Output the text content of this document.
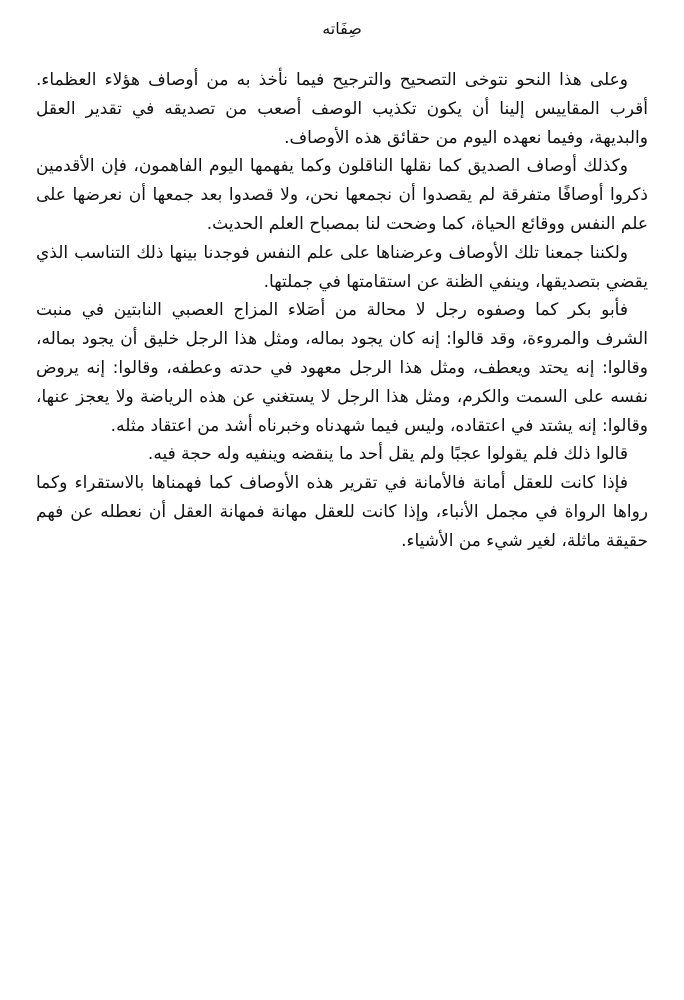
صِفَاته

وعلى هذا النحو نتوخى التصحيح والترجيح فيما نأخذ به من أوصاف هؤلاء العظماء. أقرب المقاييس إلينا أن يكون تكذيب الوصف أصعب من تصديقه في تقدير العقل والبديهة، وفيما نعهده اليوم من حقائق هذه الأوصاف.

وكذلك أوصاف الصديق كما نقلها الناقلون وكما يفهمها اليوم الفاهمون، فإن الأقدمين ذكروا أوصافًا متفرقة لم يقصدوا أن نجمعها نحن، ولا قصدوا بعد جمعها أن نعرضها على علم النفس ووقائع الحياة، كما وضحت لنا بمصباح العلم الحديث.

ولكننا جمعنا تلك الأوصاف وعرضناها على علم النفس فوجدنا بينها ذلك التناسب الذي يقضي بتصديقها، وينفي الظنة عن استقامتها في جملتها.

فأبو بكر كما وصفوه رجل لا محالة من أصَلاء المزاج العصبي النابتين في منبت الشرف والمروءة، وقد قالوا: إنه كان يجود بماله، ومثل هذا الرجل خليق أن يجود بماله، وقالوا: إنه يحتد ويعطف، ومثل هذا الرجل معهود في حدته وعطفه، وقالوا: إنه يروض نفسه على السمت والكرم، ومثل هذا الرجل لا يستغني عن هذه الرياضة ولا يعجز عنها، وقالوا: إنه يشتد في اعتقاده، وليس فيما شهدناه وخبرناه أشد من اعتقاد مثله.

قالوا ذلك فلم يقولوا عجبًا ولم يقل أحد ما ينقضه وينفيه وله حجة فيه.

فإذا كانت للعقل أمانة فالأمانة في تقرير هذه الأوصاف كما فهمناها بالاستقراء وكما رواها الرواة في مجمل الأنباء، وإذا كانت للعقل مهانة فمهانة العقل أن نعطله عن فهم حقيقة ماثلة، لغير شيء من الأشياء.
